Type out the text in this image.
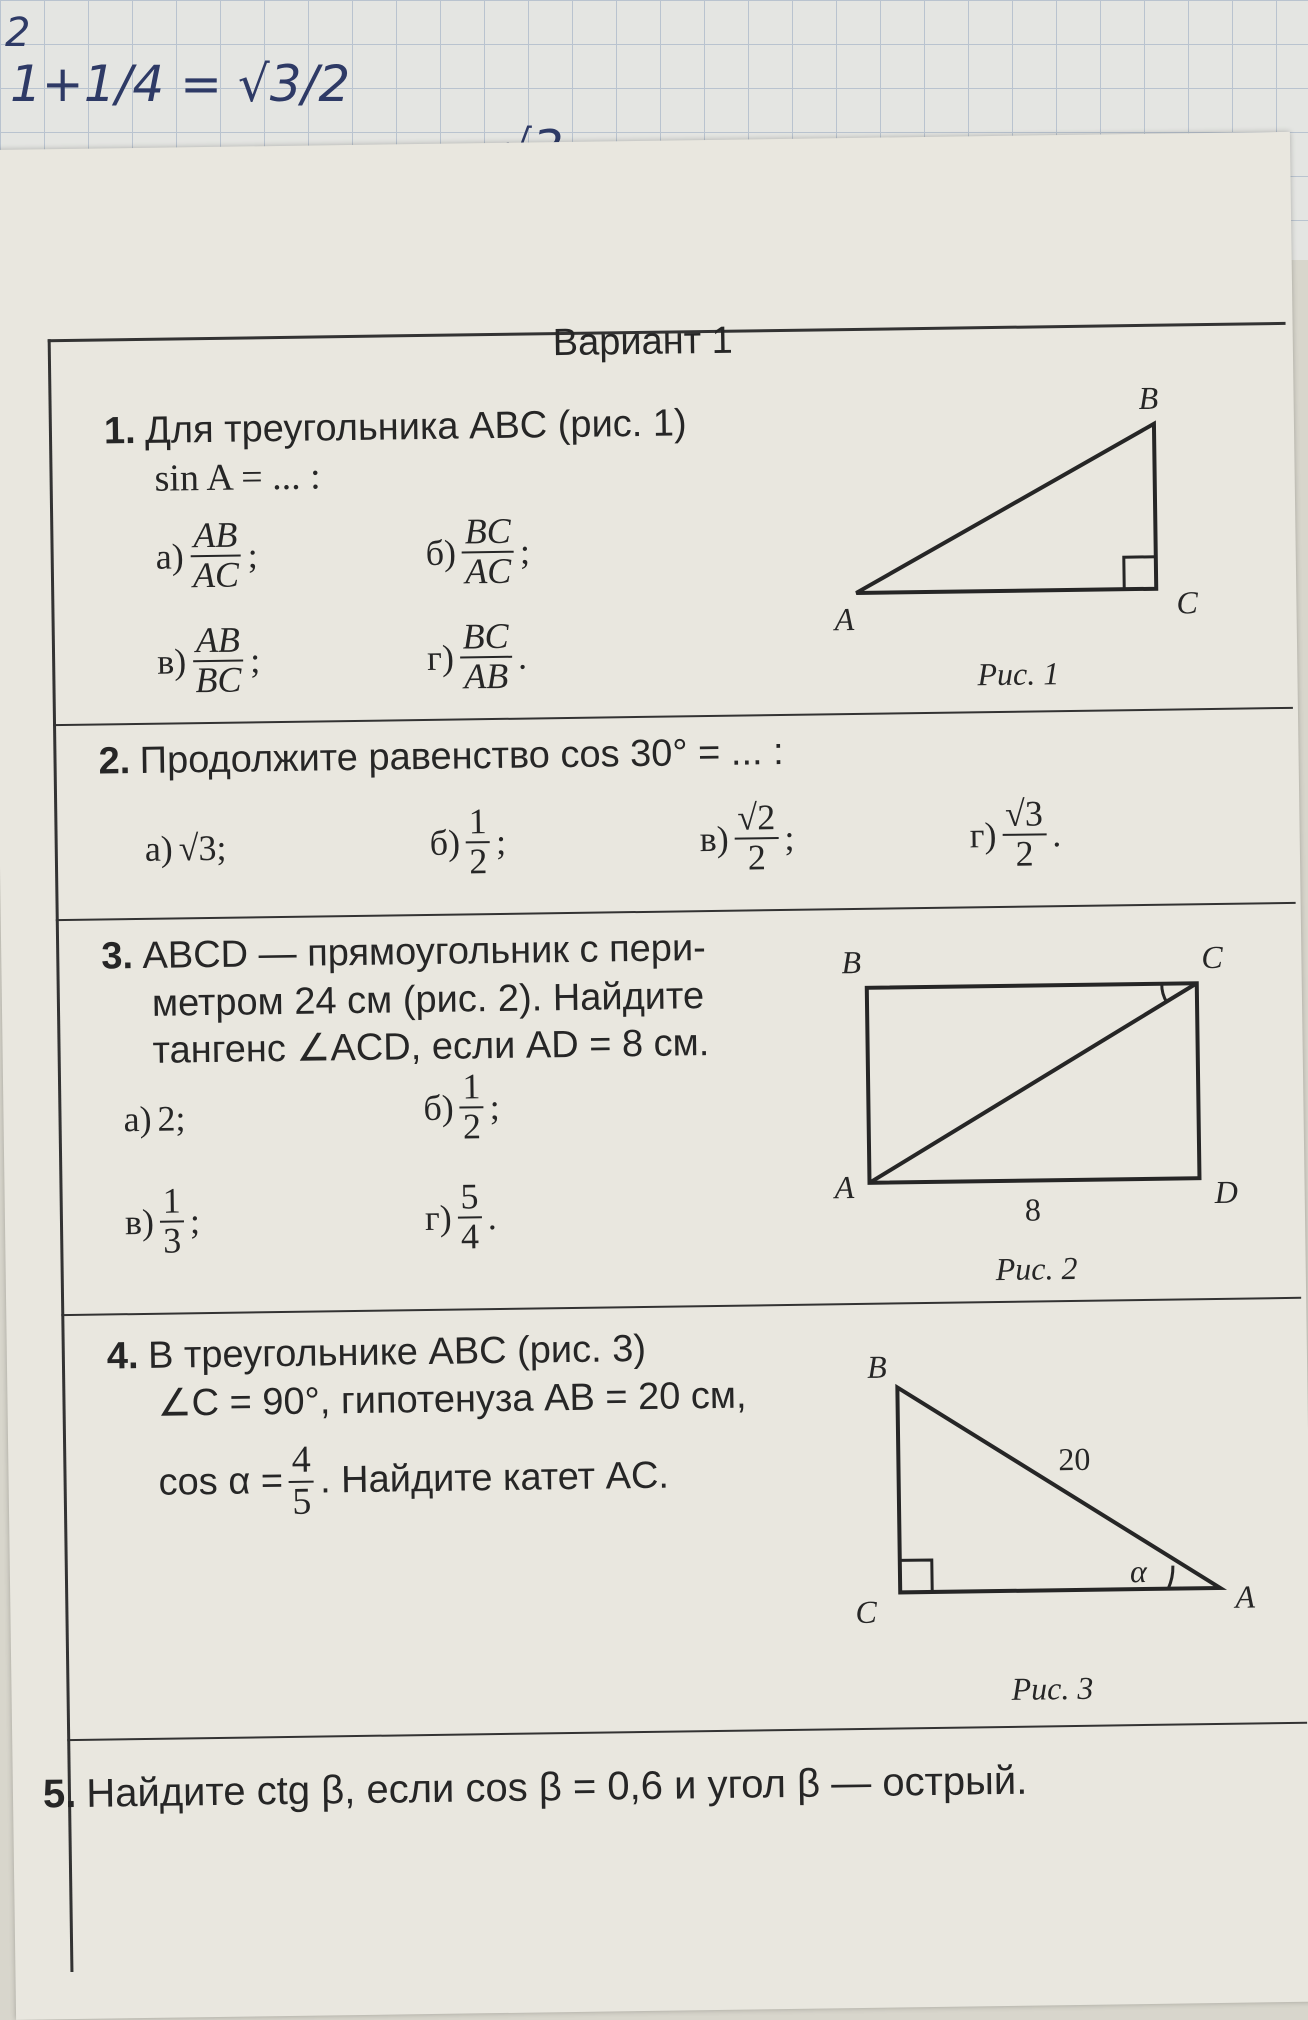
2
1+1/4 = √3/2
Вариант 1
1. Для треугольника ABC (рис. 1)
sin A = ... :
$а) \frac{AB}{AC}$ ;	$б) \frac{BC}{AC}$ ;
$в) \frac{AB}{BC}$ ;	$г) \frac{BC}{AB}$ .
A
B
C
Рис. 1
2. Продолжите равенство cos 30° = ... :
а) √3;	$б) \frac{1}{2}$ ;	$в) \frac{√2}{2}$ ;	$г) \frac{√3}{2}$ .
3. ABCD — прямоугольник с пери-
метром 24 см (рис. 2). Найдите
тангенс ∠ACD, если AD = 8 см.
а) 2;	$б) \frac{1}{2}$ ;
$в) \frac{1}{3}$ ;	$г) \frac{5}{4}$ .
B	C
A	D
8
Рис. 2
4. В треугольнике ABC (рис. 3)
∠C = 90°, гипотенуза AB = 20 см,
$\cos \alpha = \frac{4}{5}$ . Найдите катет AC.
B
C	A
20
α
Рис. 3
5. Найдите ctg β, если cos β = 0,6 и угол β — острый.
